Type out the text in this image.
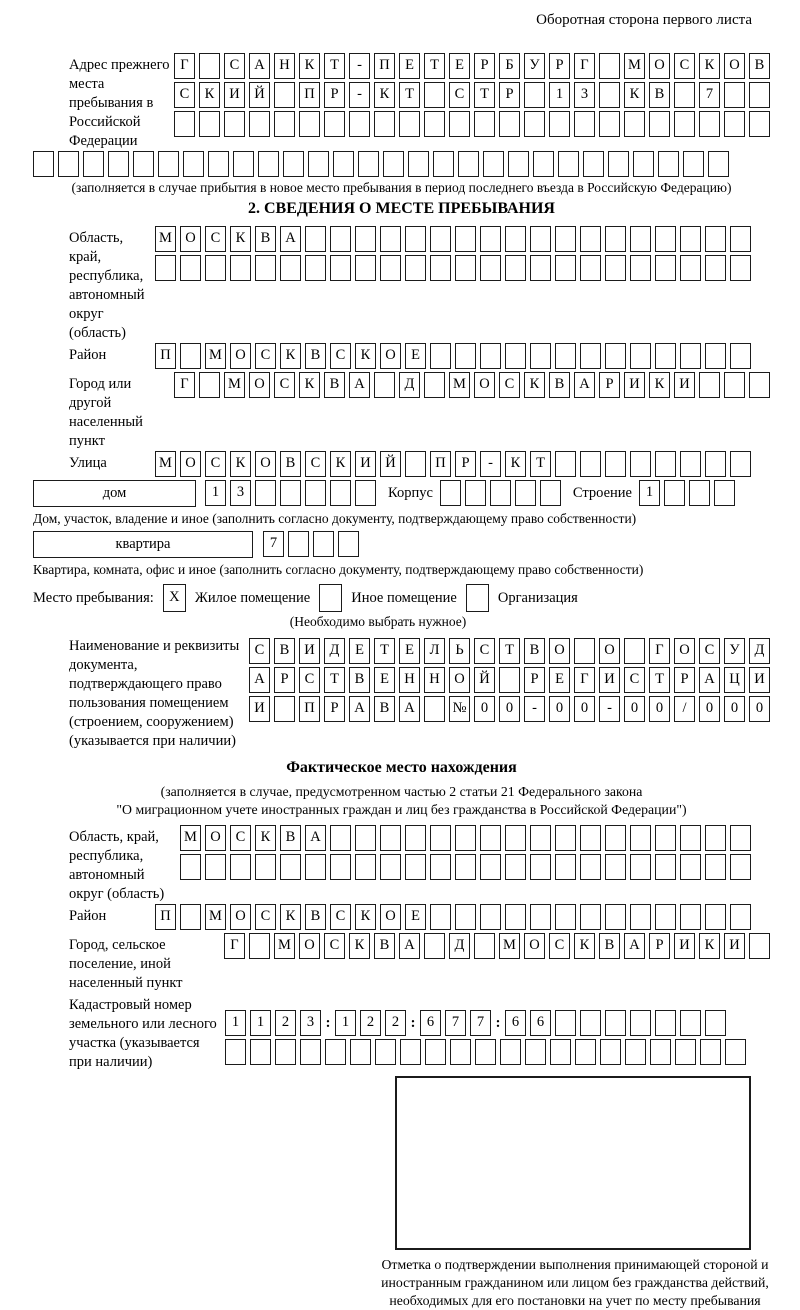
Оборотная сторона первого листа
Адрес прежнего места пребывания в Российской Федерации
Г	С	А	Н	К	Т	-	П	Е	Т	Е	Р	Б	У	Р	Г	М О	С	К	О	В
С	К	И	Й	П	Р	-	К	Т	С	Т	Р	1	3	К	В	7
(заполняется в случае прибытия в новое место пребывания в период последнего въезда в Российскую Федерацию)
2. СВЕДЕНИЯ О МЕСТЕ ПРЕБЫВАНИЯ
Область, край, республика, автономный округ (область)
М О	С	К	В	А
Район	П	М О	С	К	В	С	К	О	Е
Город или другой населенный пункт
Г	М О	С	К	В	А	Д	М О	С	К	В	А	Р	И	К	И
Улица	М О	С	К	О	В	С	К	И	Й	П	Р	-	К	Т
дом	1	3	Корпус	Строение 1
Дом, участок, владение и иное (заполнить согласно документу, подтверждающему право собственности)
квартира	7
Квартира, комната, офис и иное (заполнить согласно документу, подтверждающему право собственности)
Место пребывания:	X	Жилое помещение	Иное помещение	Организация
(Необходимо выбрать нужное)
Наименование и реквизиты документа, подтверждающего право пользования помещением (строением, сооружением) (указывается при наличии)
С	В	И	Д	Е	Т	Е	Л	Ь	С	Т	В	О	О	Г	О	С	У	Д
А	Р	С	Т	В	Е	Н	Н	О	Й	Р	Е	Г	И	С	Т	Р	А	Ц	И
И	П	Р	А	В	А	№ 0	0	-	0	0	-	0	0	/	0	0	0
Фактическое место нахождения
(заполняется в случае, предусмотренном частью 2 статьи 21 Федерального закона
"О миграционном учете иностранных граждан и лиц без гражданства в Российской Федерации")
Область, край, республика, автономный округ (область)
М О	С	К	В	А
Район	П	М О	С	К	В	С	К	О	Е
Город, сельское поселение, иной населенный пункт
Г	М О	С	К	В	А	Д	М О	С	К	В	А	Р	И	К	И
Кадастровый номер земельного или лесного участка (указывается при наличии)
1	1	2	3 : 1	2	2 : 6	7	7 : 6	6
Отметка о подтверждении выполнения принимающей стороной и иностранным гражданином или лицом без гражданства действий, необходимых для его постановки на учет по месту пребывания
